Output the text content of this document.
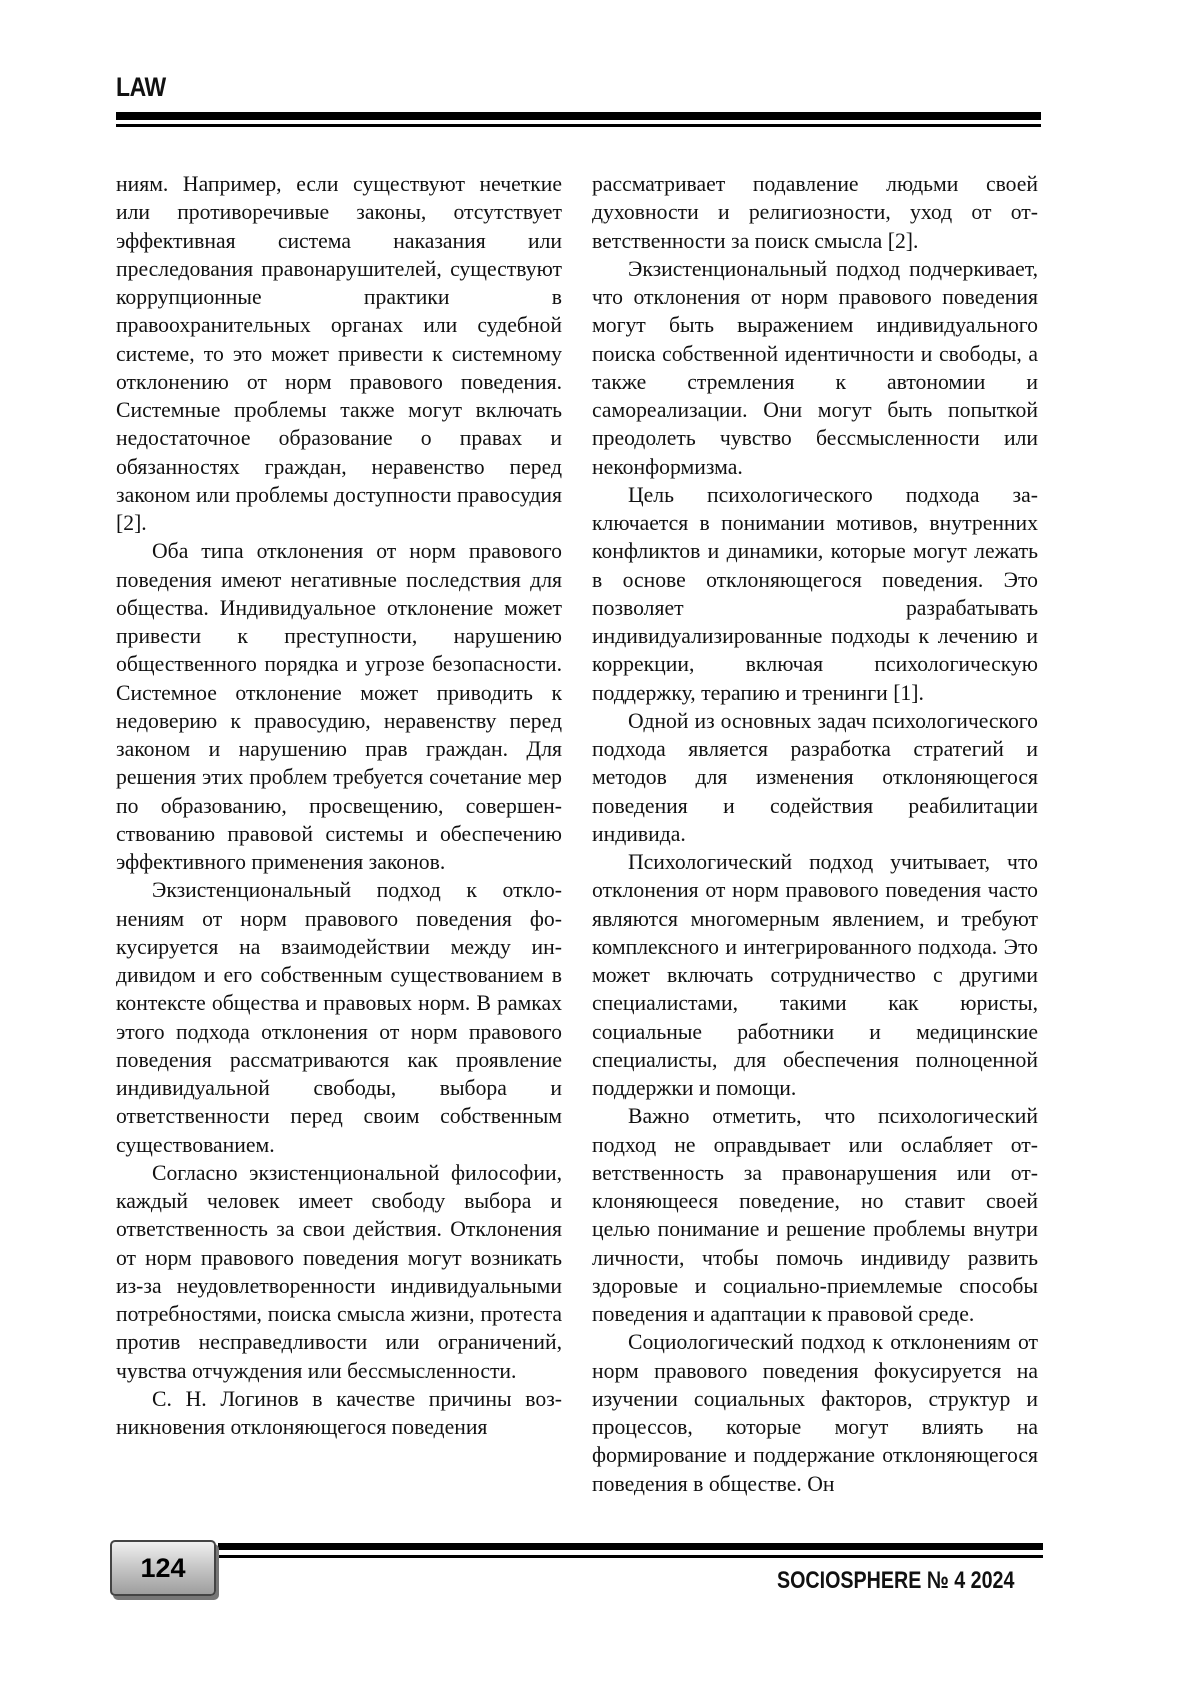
LAW

ниям. Например, если существуют нечеткие или противоречивые законы, отсутствует эффективная система наказания или преследования правонарушителей, существуют коррупционные практики в правоохранительных органах или судебной системе, то это может привести к системному отклонению от норм правового поведения. Системные проблемы также могут включать недостаточное образование о правах и обязанностях граждан, неравенство перед законом или проблемы доступности правосудия [2].

Оба типа отклонения от норм правового поведения имеют негативные последствия для общества. Индивидуальное отклонение может привести к преступности, нарушению общественного порядка и угрозе безопасности. Системное отклонение может приводить к недоверию к правосудию, неравенству перед законом и нарушению прав граждан. Для решения этих проблем требуется сочетание мер по образованию, просвещению, совершенствованию правовой системы и обеспечению эффективного применения законов.

Экзистенциональный подход к отклонениям от норм правового поведения фокусируется на взаимодействии между индивидом и его собственным существованием в контексте общества и правовых норм. В рамках этого подхода отклонения от норм правового поведения рассматриваются как проявление индивидуальной свободы, выбора и ответственности перед своим собственным существованием.

Согласно экзистенциональной философии, каждый человек имеет свободу выбора и ответственность за свои действия. Отклонения от норм правового поведения могут возникать из-за неудовлетворенности индивидуальными потребностями, поиска смысла жизни, протеста против несправедливости или ограничений, чувства отчуждения или бессмысленности.

С. Н. Логинов в качестве причины возникновения отклоняющегося поведения

рассматривает подавление людьми своей духовности и религиозности, уход от ответственности за поиск смысла [2].

Экзистенциональный подход подчеркивает, что отклонения от норм правового поведения могут быть выражением индивидуального поиска собственной идентичности и свободы, а также стремления к автономии и самореализации. Они могут быть попыткой преодолеть чувство бессмысленности или неконформизма.

Цель психологического подхода заключается в понимании мотивов, внутренних конфликтов и динамики, которые могут лежать в основе отклоняющегося поведения. Это позволяет разрабатывать индивидуализированные подходы к лечению и коррекции, включая психологическую поддержку, терапию и тренинги [1].

Одной из основных задач психологического подхода является разработка стратегий и методов для изменения отклоняющегося поведения и содействия реабилитации индивида.

Психологический подход учитывает, что отклонения от норм правового поведения часто являются многомерным явлением, и требуют комплексного и интегрированного подхода. Это может включать сотрудничество с другими специалистами, такими как юристы, социальные работники и медицинские специалисты, для обеспечения полноценной поддержки и помощи.

Важно отметить, что психологический подход не оправдывает или ослабляет ответственность за правонарушения или отклоняющееся поведение, но ставит своей целью понимание и решение проблемы внутри личности, чтобы помочь индивиду развить здоровые и социально-приемлемые способы поведения и адаптации к правовой среде.

Социологический подход к отклонениям от норм правового поведения фокусируется на изучении социальных факторов, структур и процессов, которые могут влиять на формирование и поддержание отклоняющегося поведения в обществе. Он

124	SOCIOSPHERE № 4 2024
